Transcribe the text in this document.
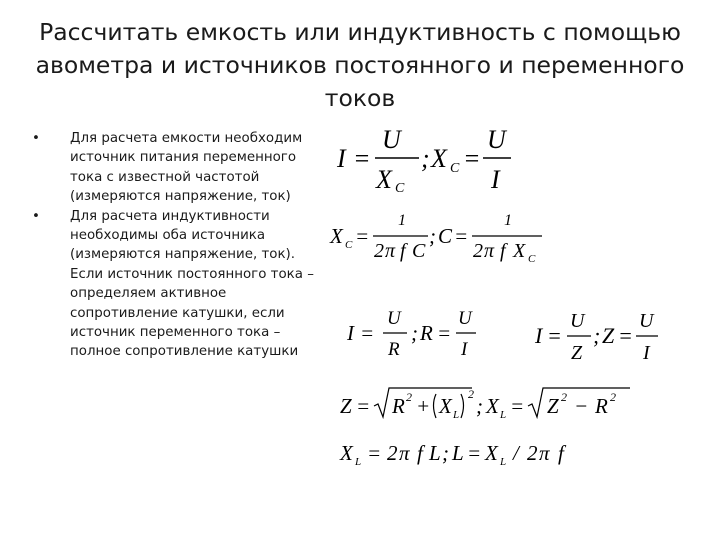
Рассчитать емкость или индуктивность с помощью авометра и источников постоянного и переменного токов
•	Для расчета емкости необходим источник питания переменного тока с известной частотой (измеряются напряжение, ток)
•	Для расчета индуктивности необходимы оба источника (измеряются напряжение, ток). Если источник постоянного тока – определяем активное сопротивление катушки, если источник переменного тока – полное сопротивление катушки
I =
U
X C
; X C =
U
I
X C =
1
2 π f C
; C =
1
2 π f X C
I =
U
R
; R =
U
I
I =
U
Z
; Z =
U
I
Z = R 2 + X L
2 ; X L = Z 2 − R 2
X L = 2 π f L ; L = X L / 2 π f
